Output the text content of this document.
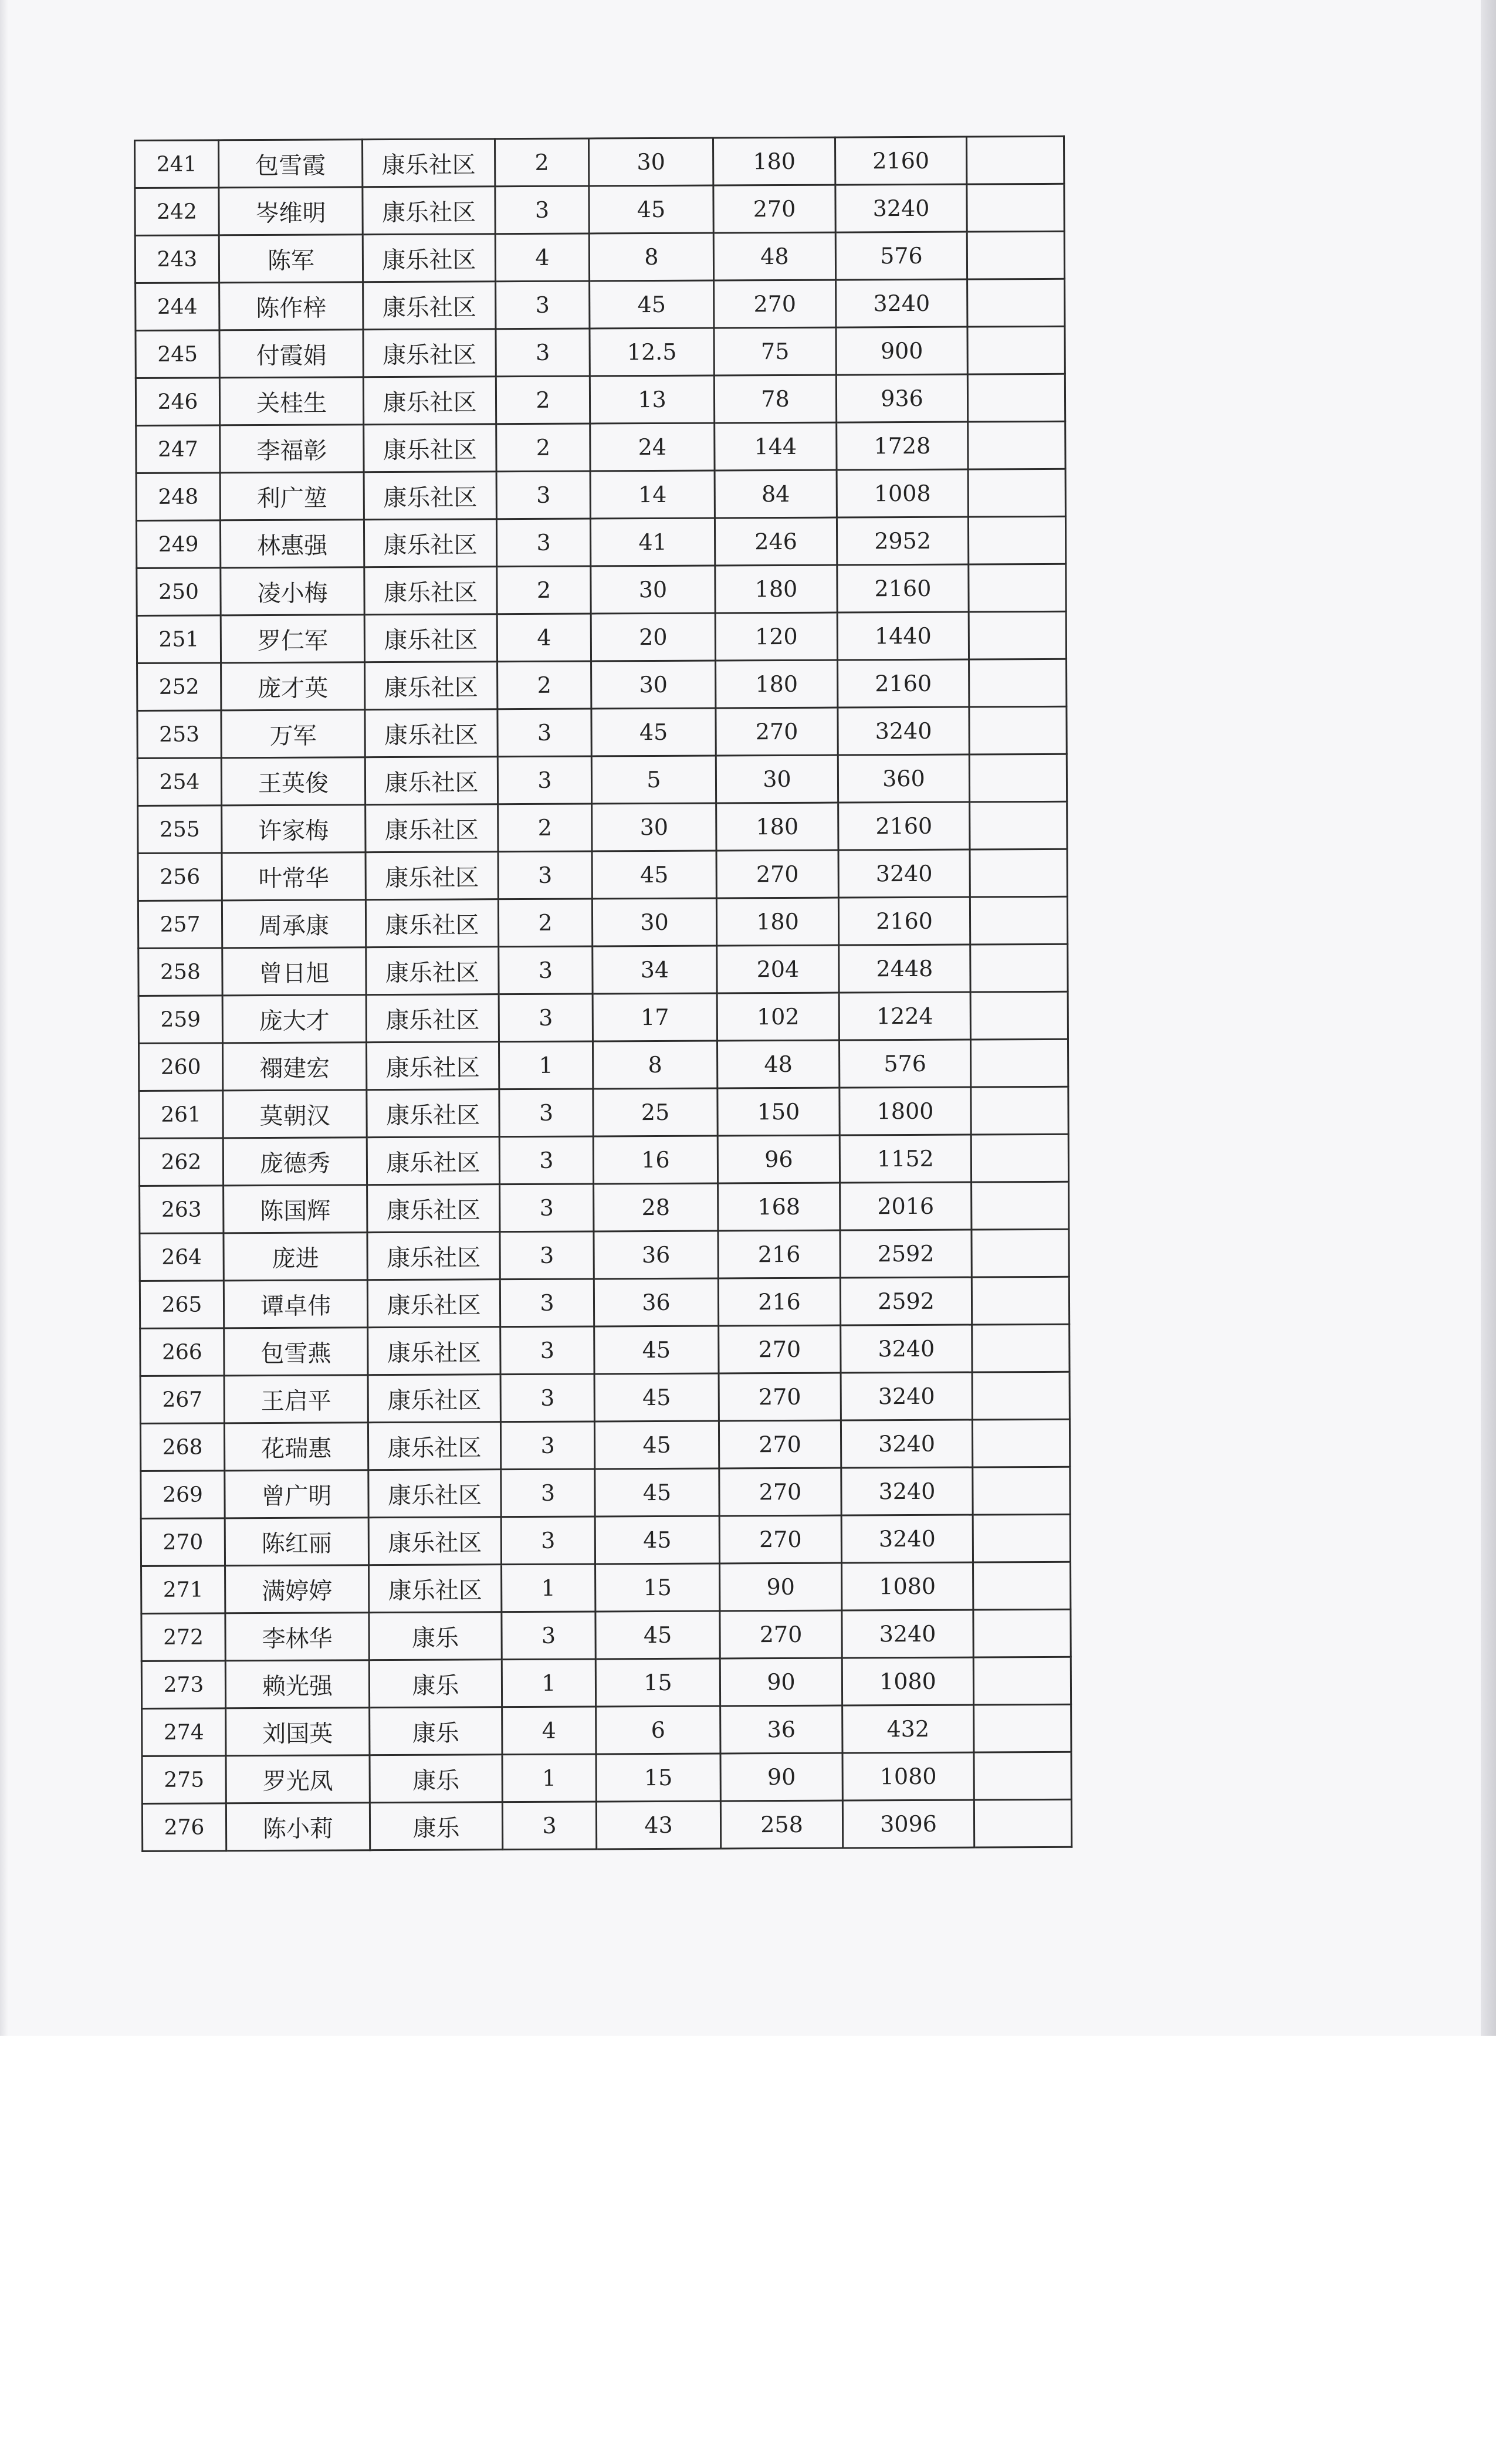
241	包雪霞	康乐社区	2	30	180	2160	
242	岑维明	康乐社区	3	45	270	3240	
243	陈军	康乐社区	4	8	48	576	
244	陈作梓	康乐社区	3	45	270	3240	
245	付霞娟	康乐社区	3	12.5	75	900	
246	关桂生	康乐社区	2	13	78	936	
247	李福彰	康乐社区	2	24	144	1728	
248	利广堃	康乐社区	3	14	84	1008	
249	林惠强	康乐社区	3	41	246	2952	
250	凌小梅	康乐社区	2	30	180	2160	
251	罗仁军	康乐社区	4	20	120	1440	
252	庞才英	康乐社区	2	30	180	2160	
253	万军	康乐社区	3	45	270	3240	
254	王英俊	康乐社区	3	5	30	360	
255	许家梅	康乐社区	2	30	180	2160	
256	叶常华	康乐社区	3	45	270	3240	
257	周承康	康乐社区	2	30	180	2160	
258	曾日旭	康乐社区	3	34	204	2448	
259	庞大才	康乐社区	3	17	102	1224	
260	禤建宏	康乐社区	1	8	48	576	
261	莫朝汉	康乐社区	3	25	150	1800	
262	庞德秀	康乐社区	3	16	96	1152	
263	陈国辉	康乐社区	3	28	168	2016	
264	庞进	康乐社区	3	36	216	2592	
265	谭卓伟	康乐社区	3	36	216	2592	
266	包雪燕	康乐社区	3	45	270	3240	
267	王启平	康乐社区	3	45	270	3240	
268	花瑞惠	康乐社区	3	45	270	3240	
269	曾广明	康乐社区	3	45	270	3240	
270	陈红丽	康乐社区	3	45	270	3240	
271	满婷婷	康乐社区	1	15	90	1080	
272	李林华	康乐	3	45	270	3240	
273	赖光强	康乐	1	15	90	1080	
274	刘国英	康乐	4	6	36	432	
275	罗光凤	康乐	1	15	90	1080	
276	陈小莉	康乐	3	43	258	3096	
